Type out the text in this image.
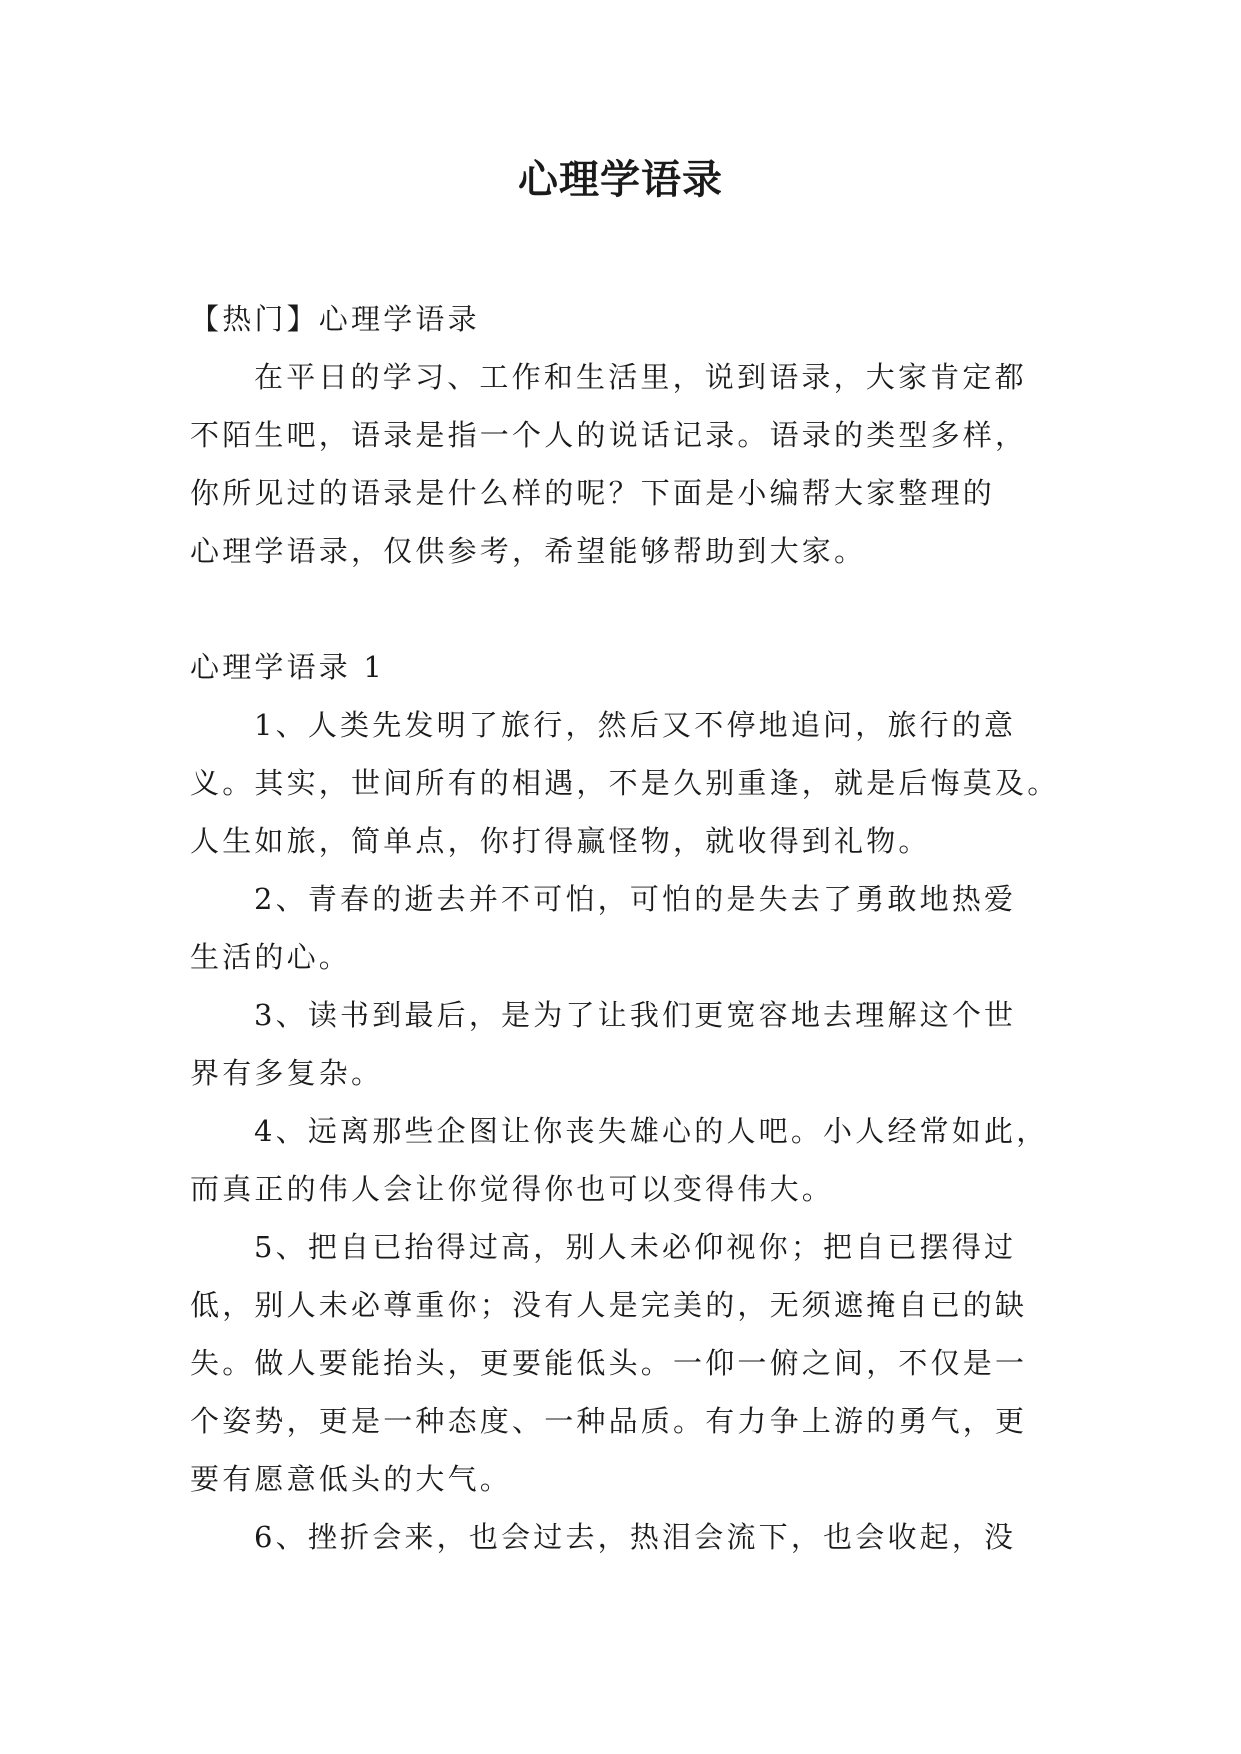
心理学语录

【热门】心理学语录

在平日的学习、工作和生活里，说到语录，大家肯定都

不陌生吧，语录是指一个人的说话记录。语录的类型多样，

你所见过的语录是什么样的呢？下面是小编帮大家整理的

心理学语录，仅供参考，希望能够帮助到大家。

心理学语录 1

1、人类先发明了旅行，然后又不停地追问，旅行的意

义。其实，世间所有的相遇，不是久别重逢，就是后悔莫及。

人生如旅，简单点，你打得赢怪物，就收得到礼物。

2、青春的逝去并不可怕，可怕的是失去了勇敢地热爱

生活的心。

3、读书到最后，是为了让我们更宽容地去理解这个世

界有多复杂。

4、远离那些企图让你丧失雄心的人吧。小人经常如此，

而真正的伟人会让你觉得你也可以变得伟大。

5、把自已抬得过高，别人未必仰视你；把自已摆得过

低，别人未必尊重你；没有人是完美的，无须遮掩自已的缺

失。做人要能抬头，更要能低头。一仰一俯之间，不仅是一

个姿势，更是一种态度、一种品质。有力争上游的勇气，更

要有愿意低头的大气。

6、挫折会来，也会过去，热泪会流下，也会收起，没
